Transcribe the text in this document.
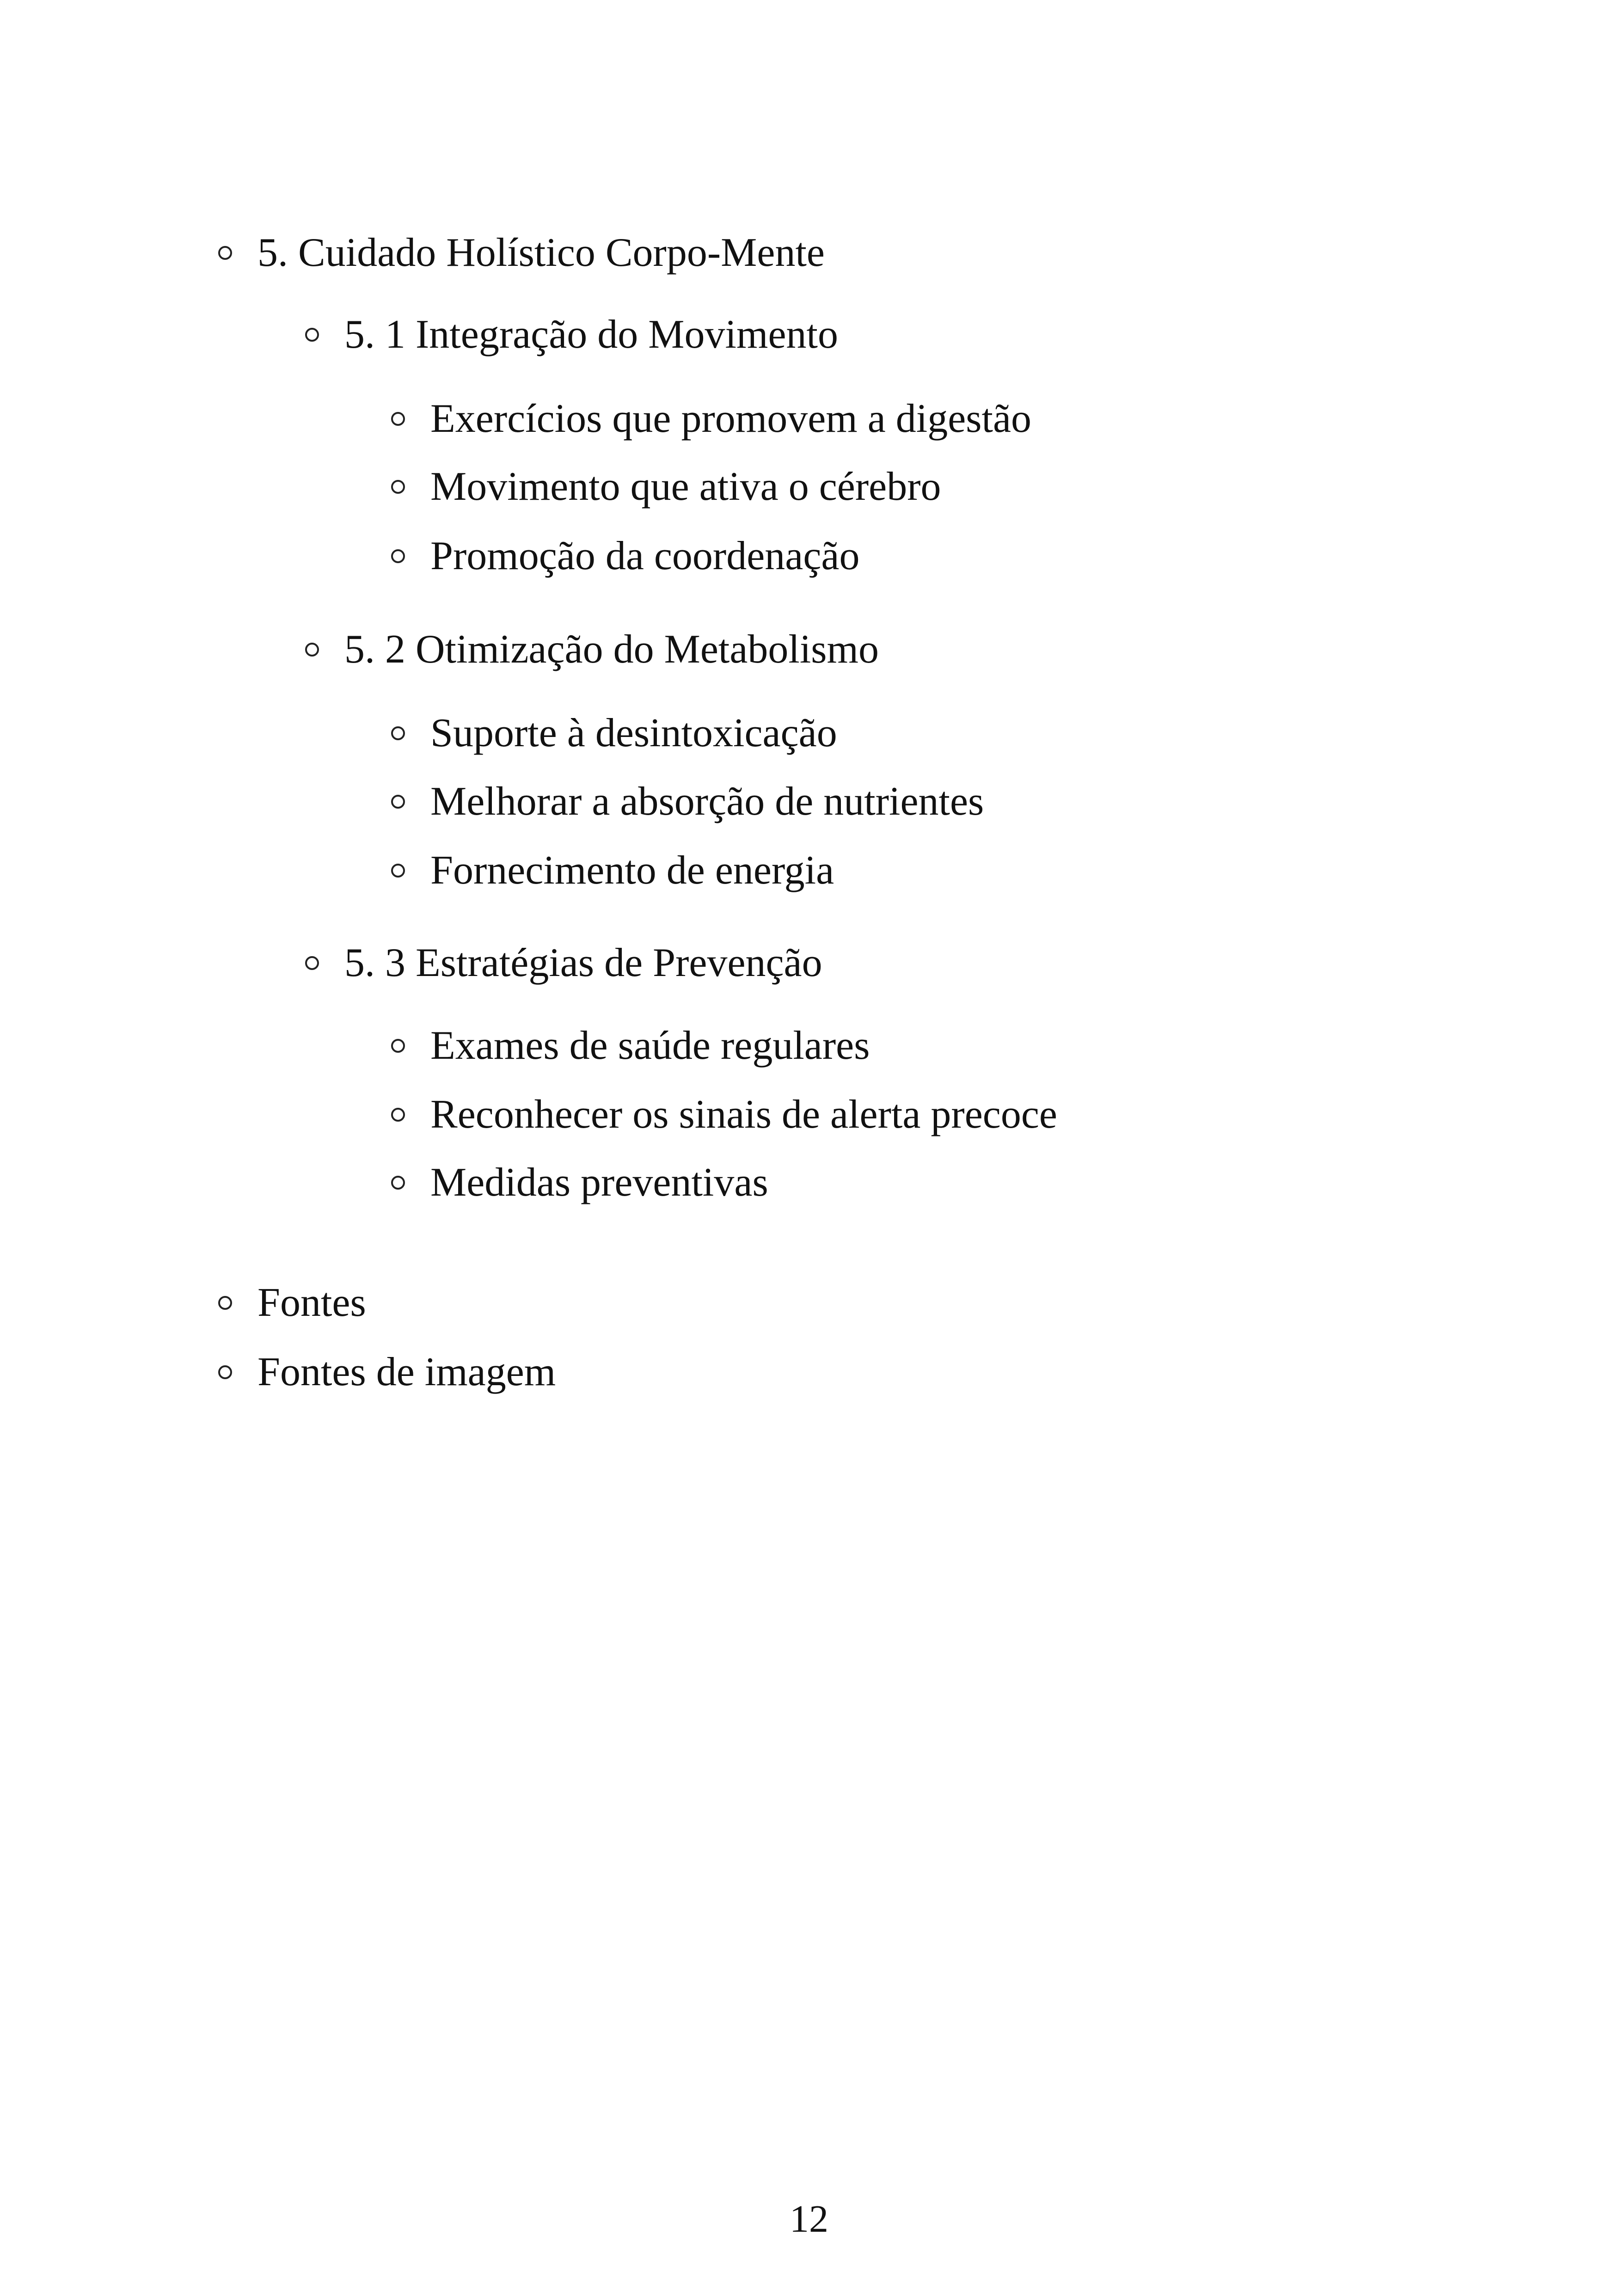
5. Cuidado Holístico Corpo-Mente
5. 1 Integração do Movimento
Exercícios que promovem a digestão
Movimento que ativa o cérebro
Promoção da coordenação
5. 2 Otimização do Metabolismo
Suporte à desintoxicação
Melhorar a absorção de nutrientes
Fornecimento de energia
5. 3 Estratégias de Prevenção
Exames de saúde regulares
Reconhecer os sinais de alerta precoce
Medidas preventivas
Fontes
Fontes de imagem
12
